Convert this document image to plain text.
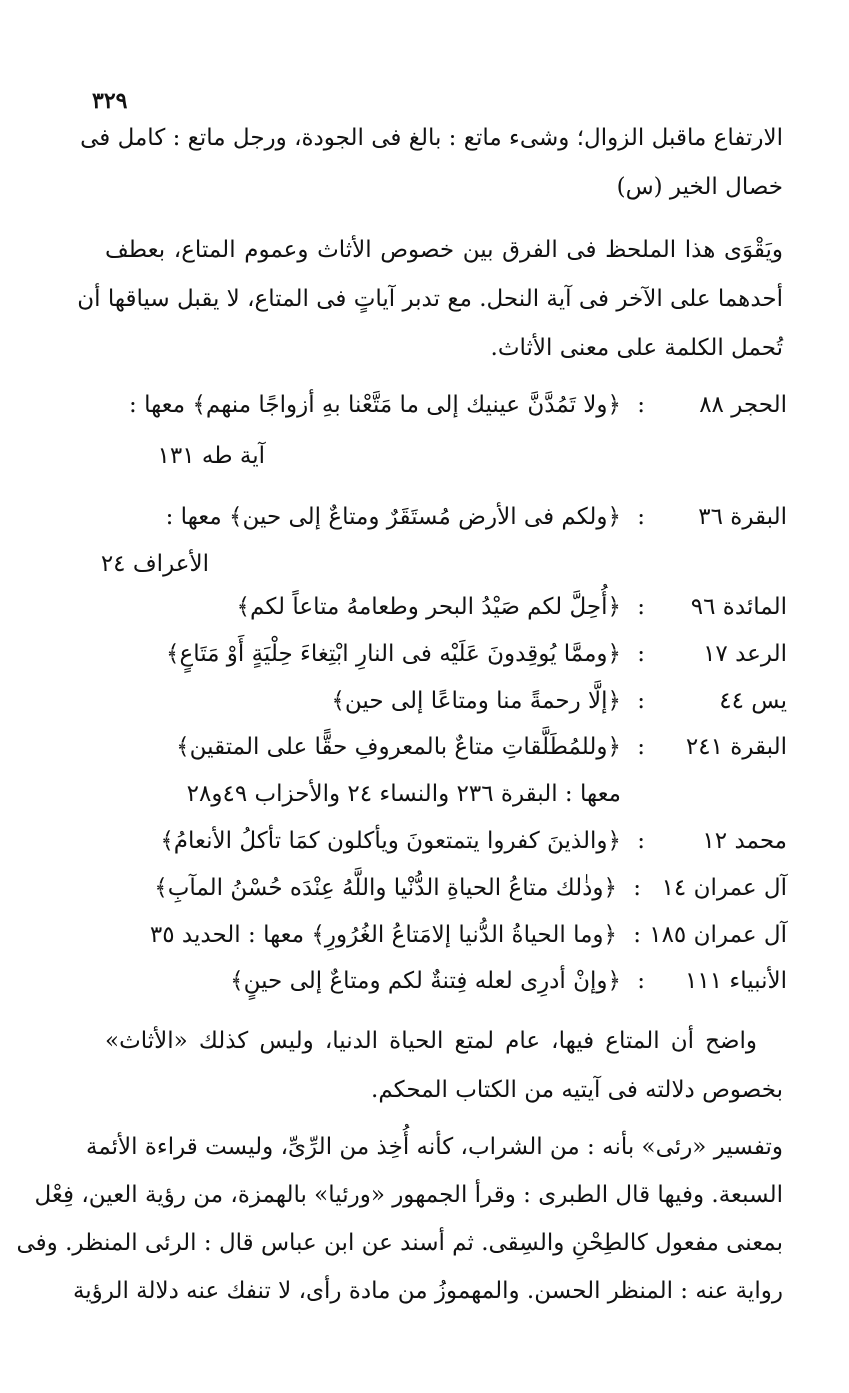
٣٢٩
الارتفاع ماقبل الزوال؛ وشىء ماتع : بالغ فى الجودة، ورجل ماتع : كامل فى
خصال الخير (س)
ويَقْوَى هذا الملحظ فى الفرق بين خصوص الأثاث وعموم المتاع، بعطف
أحدهما على الآخر فى آية النحل. مع تدبر آياتٍ فى المتاع، لا يقبل سياقها أن
تُحمل الكلمة على معنى الأثاث.
الحجر ٨٨
:
﴿ولا تَمُدَّنَّ عينيك إلى ما مَتَّعْنا بهِ أزواجًا منهم﴾ معها :
آية طه ١٣١
البقرة ٣٦
:
﴿ولكم فى الأرض مُستَقَرٌ ومتاعٌ إلى حين﴾ معها :
الأعراف ٢٤
المائدة ٩٦
:
﴿أُحِلَّ لكم صَيْدُ البحر وطعامهُ متاعاً لكم﴾
الرعد ١٧
:
﴿وممَّا يُوقِدونَ عَلَيْه فى النارِ ابْتِغاءَ حِلْيَةٍ أَوْ مَتَاعٍ﴾
يس ٤٤
:
﴿إلَّا رحمةً منا ومتاعًا إلى حين﴾
البقرة ٢٤١
:
﴿وللمُطَلَّقاتِ متاعٌ بالمعروفِ حقًّا على المتقين﴾
معها : البقرة ٢٣٦ والنساء ٢٤ والأحزاب ٤٩و٢٨
محمد ١٢
:
﴿والذينَ كفروا يتمتعونَ ويأكلون كمَا تأكلُ الأنعامُ﴾
آل عمران ١٤
:
﴿وذٰلك متاعُ الحياةِ الدُّنْيا واللَّهُ عِنْدَه حُسْنُ المآبِ﴾
آل عمران ١٨٥
:
﴿وما الحياةُ الدُّنيا إلامَتاعُ الغُرُورِ﴾ معها : الحديد ٣٥
الأنبياء ١١١
:
﴿وإنْ أدرِى لعله فِتنةٌ لكم ومتاعٌ إلى حينٍ﴾
واضح أن المتاع فيها، عام لمتع الحياة الدنيا، وليس كذلك «الأثاث»
بخصوص دلالته فى آيتيه من الكتاب المحكم.
وتفسير «رئى» بأنه : من الشراب، كأنه أُخِذ من الرِّىِّ، وليست قراءة الأئمة
السبعة. وفيها قال الطبرى : وقرأ الجمهور «ورئيا» بالهمزة، من رؤية العين، فِعْل
بمعنى مفعول كالطِحْنِ والسِقى. ثم أسند عن ابن عباس قال : الرئى المنظر. وفى
رواية عنه : المنظر الحسن. والمهموزُ من مادة رأى، لا تنفك عنه دلالة الرؤية
